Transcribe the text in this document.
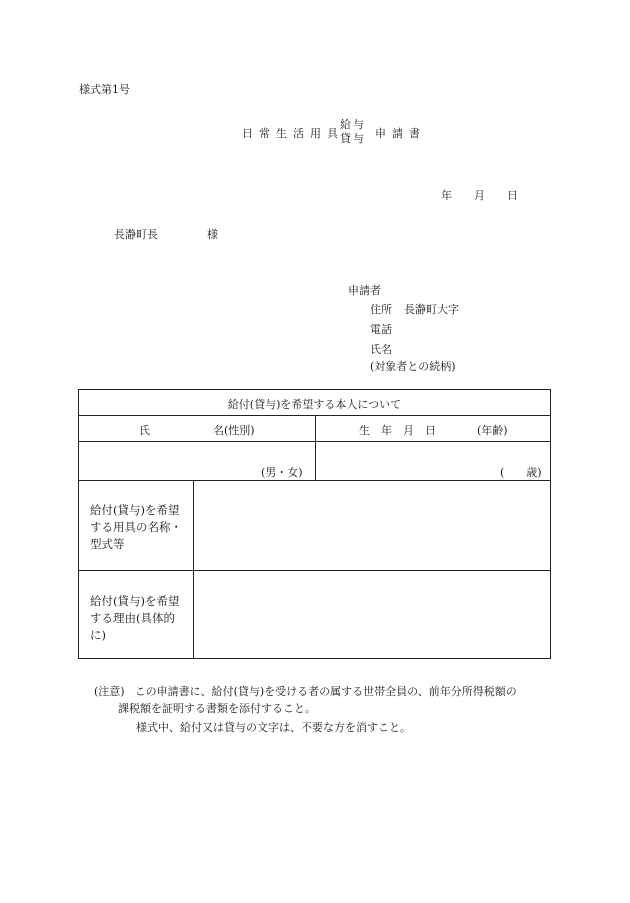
様式第1号
日常生活用具
給与
貸与 申請書
年 月 日
長瀞町長	様
申請者
住所 長瀞町大字
電話
氏名
(対象者との続柄)
給付(貸与)を希望する本人について
氏	名(性別)	生　年　月　日	(年齢)
(男・女)	(　　歳)
給付(貸与)を希望する用具の名称・型式等
給付(貸与)を希望する理由(具体的に)
(注意) この申請書に、給付(貸与)を受ける者の属する世帯全員の、前年分所得税額の
課税額を証明する書類を添付すること。
様式中、給付又は貸与の文字は、不要な方を消すこと。
